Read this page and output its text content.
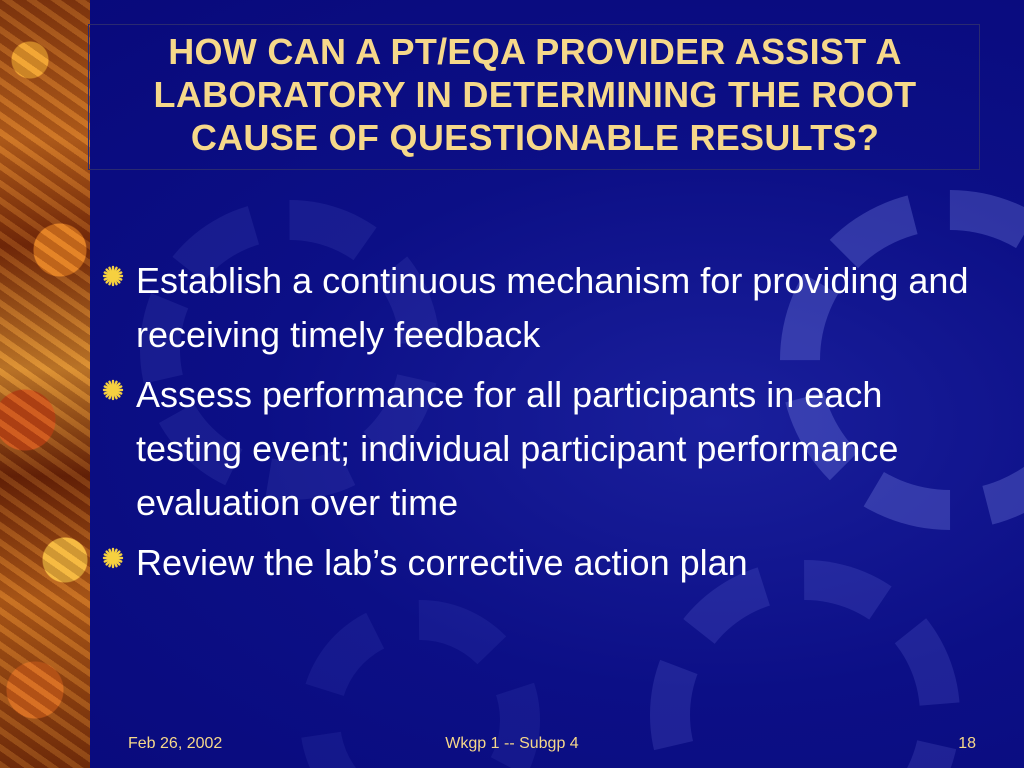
HOW CAN A PT/EQA PROVIDER ASSIST A LABORATORY IN DETERMINING THE ROOT CAUSE OF QUESTIONABLE RESULTS?
Establish a continuous mechanism for providing and receiving timely feedback
Assess performance for all participants in each testing event; individual participant performance evaluation over time
Review the lab’s corrective action plan
Feb 26, 2002	Wkgp 1 -- Subgp 4	18
